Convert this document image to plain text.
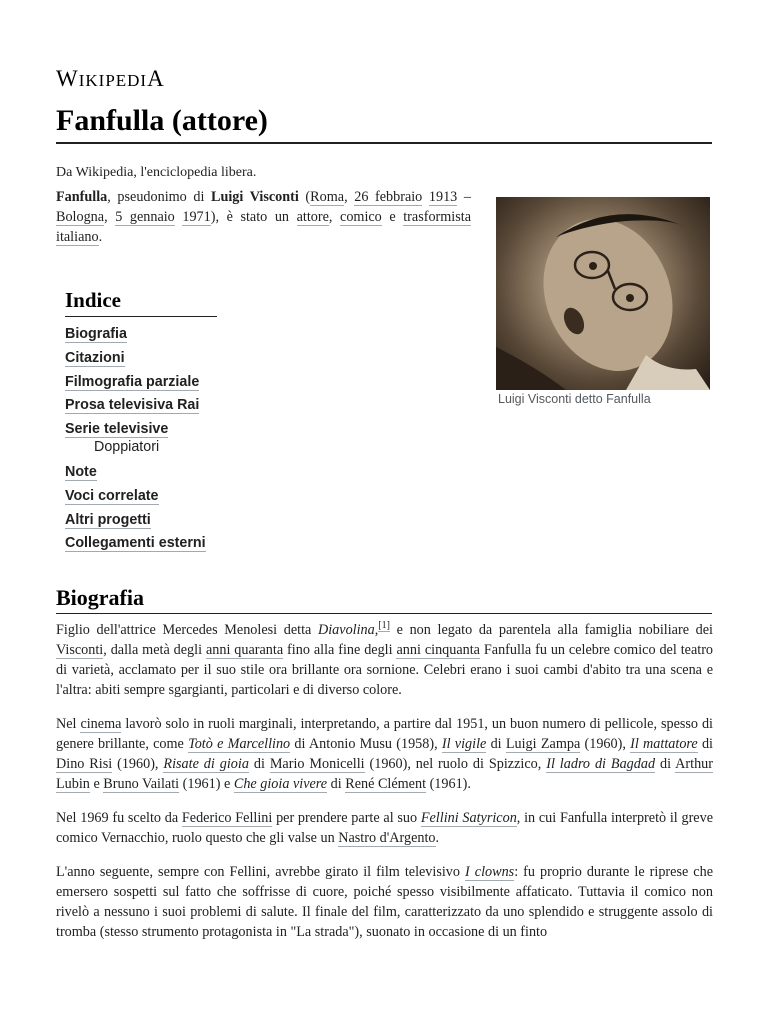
WIKIPEDIA
Fanfulla (attore)
Da Wikipedia, l'enciclopedia libera.
Fanfulla, pseudonimo di Luigi Visconti (Roma, 26 febbraio 1913 – Bologna, 5 gennaio 1971), è stato un attore, comico e trasformista italiano.
Luigi Visconti detto Fanfulla
Indice
Biografia
Citazioni
Filmografia parziale
Prosa televisiva Rai
Serie televisive
Doppiatori
Note
Voci correlate
Altri progetti
Collegamenti esterni
Biografia

Figlio dell'attrice Mercedes Menolesi detta Diavolina,[1] e non legato da parentela alla famiglia nobiliare dei Visconti, dalla metà degli anni quaranta fino alla fine degli anni cinquanta Fanfulla fu un celebre comico del teatro di varietà, acclamato per il suo stile ora brillante ora sornione. Celebri erano i suoi cambi d'abito tra una scena e l'altra: abiti sempre sgargianti, particolari e di diverso colore.

Nel cinema lavorò solo in ruoli marginali, interpretando, a partire dal 1951, un buon numero di pellicole, spesso di genere brillante, come Totò e Marcellino di Antonio Musu (1958), Il vigile di Luigi Zampa (1960), Il mattatore di Dino Risi (1960), Risate di gioia di Mario Monicelli (1960), nel ruolo di Spizzico, Il ladro di Bagdad di Arthur Lubin e Bruno Vailati (1961) e Che gioia vivere di René Clément (1961).

Nel 1969 fu scelto da Federico Fellini per prendere parte al suo Fellini Satyricon, in cui Fanfulla interpretò il greve comico Vernacchio, ruolo questo che gli valse un Nastro d'Argento.

L'anno seguente, sempre con Fellini, avrebbe girato il film televisivo I clowns: fu proprio durante le riprese che emersero sospetti sul fatto che soffrisse di cuore, poiché spesso visibilmente affaticato. Tuttavia il comico non rivelò a nessuno i suoi problemi di salute. Il finale del film, caratterizzato da uno splendido e struggente assolo di tromba (stesso strumento protagonista in "La strada"), suonato in occasione di un finto
